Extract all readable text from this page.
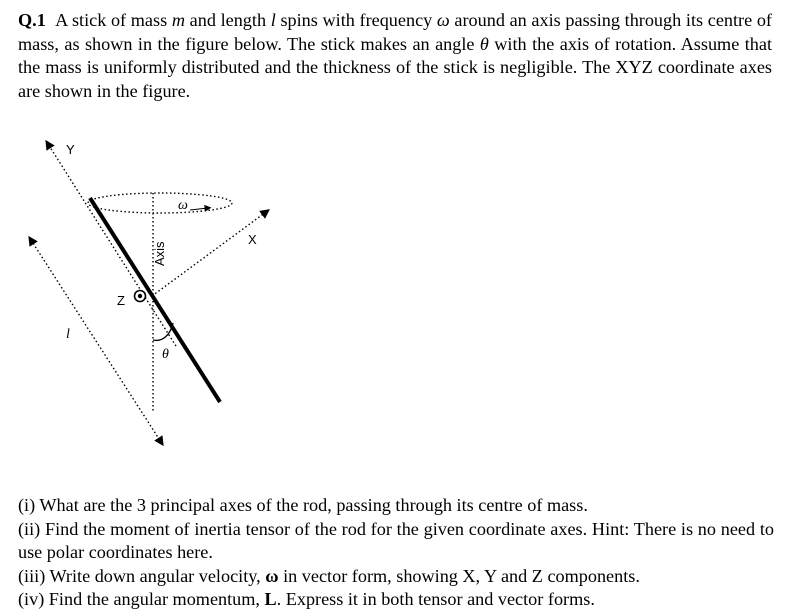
Q.1 A stick of mass m and length l spins with frequency ω around an axis passing through its centre of mass, as shown in the figure below. The stick makes an angle θ with the axis of rotation. Assume that the mass is uniformly distributed and the thickness of the stick is negligible. The XYZ coordinate axes are shown in the figure.

Y
X
Axis
ω
Z
θ
l

(i) What are the 3 principal axes of the rod, passing through its centre of mass.

(ii) Find the moment of inertia tensor of the rod for the given coordinate axes. Hint: There is no need to use polar coordinates here.

(iii) Write down angular velocity, ω in vector form, showing X, Y and Z components.

(iv) Find the angular momentum, L. Express it in both tensor and vector forms.
